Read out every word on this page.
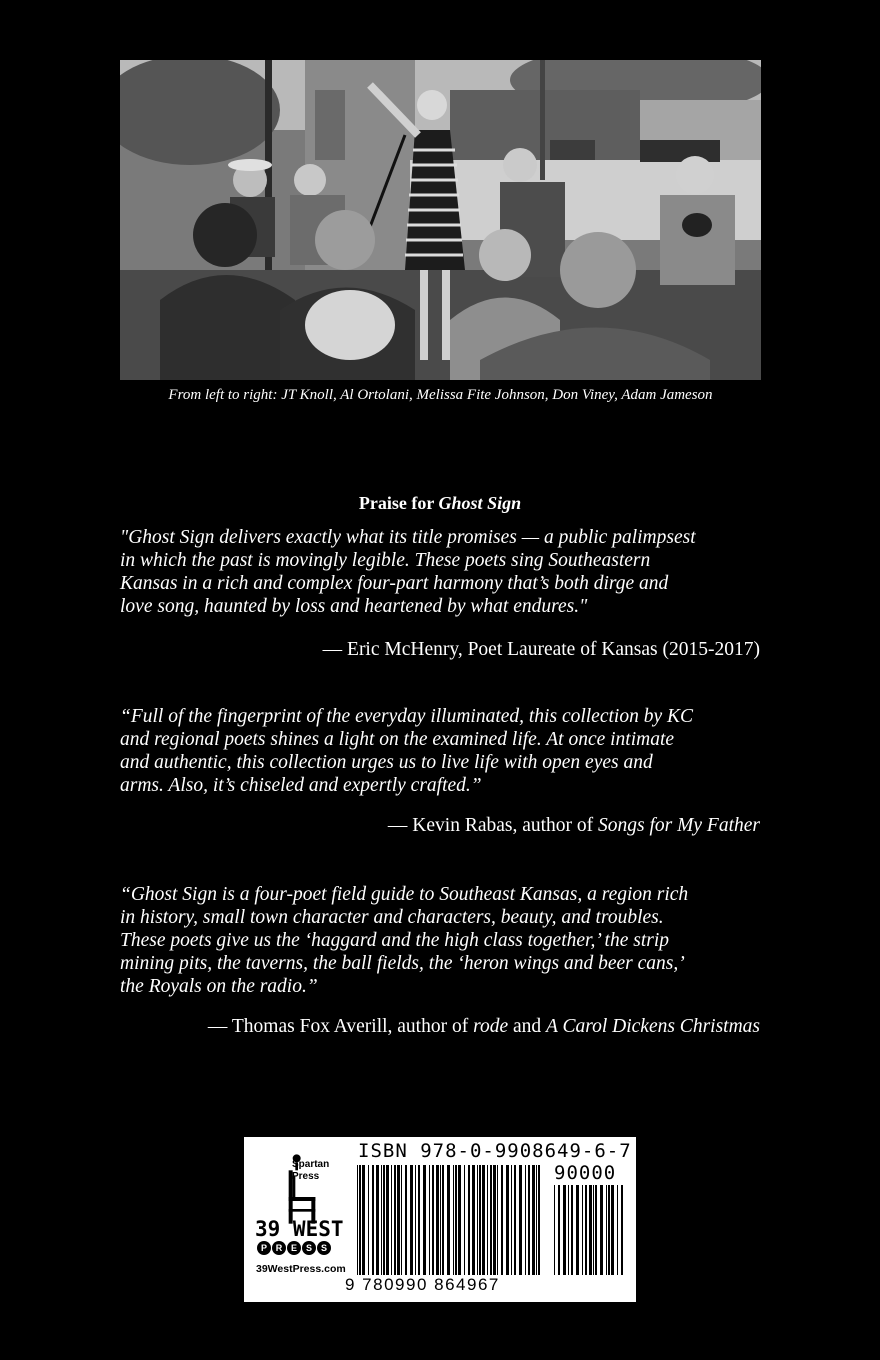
From left to right: JT Knoll, Al Ortolani, Melissa Fite Johnson, Don Viney, Adam Jameson
Praise for Ghost Sign
"Ghost Sign delivers exactly what its title promises — a public palimpsest
in which the past is movingly legible. These poets sing Southeastern
Kansas in a rich and complex four-part harmony that’s both dirge and
love song, haunted by loss and heartened by what endures."
— Eric McHenry, Poet Laureate of Kansas (2015-2017)
“Full of the fingerprint of the everyday illuminated, this collection by KC
and regional poets shines a light on the examined life. At once intimate
and authentic, this collection urges us to live life with open eyes and
arms. Also, it’s chiseled and expertly crafted.”
— Kevin Rabas, author of Songs for My Father
“Ghost Sign is a four-poet field guide to Southeast Kansas, a region rich
in history, small town character and characters, beauty, and troubles.
These poets give us the ‘haggard and the high class together,’ the strip
mining pits, the taverns, the ball fields, the ‘heron wings and beer cans,’
the Royals on the radio.”
— Thomas Fox Averill, author of rode and A Carol Dickens Christmas
Spartan
Press
39 WEST
P R E S S
39WestPress.com
ISBN 978-0-9908649-6-7
90000
9 780990 864967
